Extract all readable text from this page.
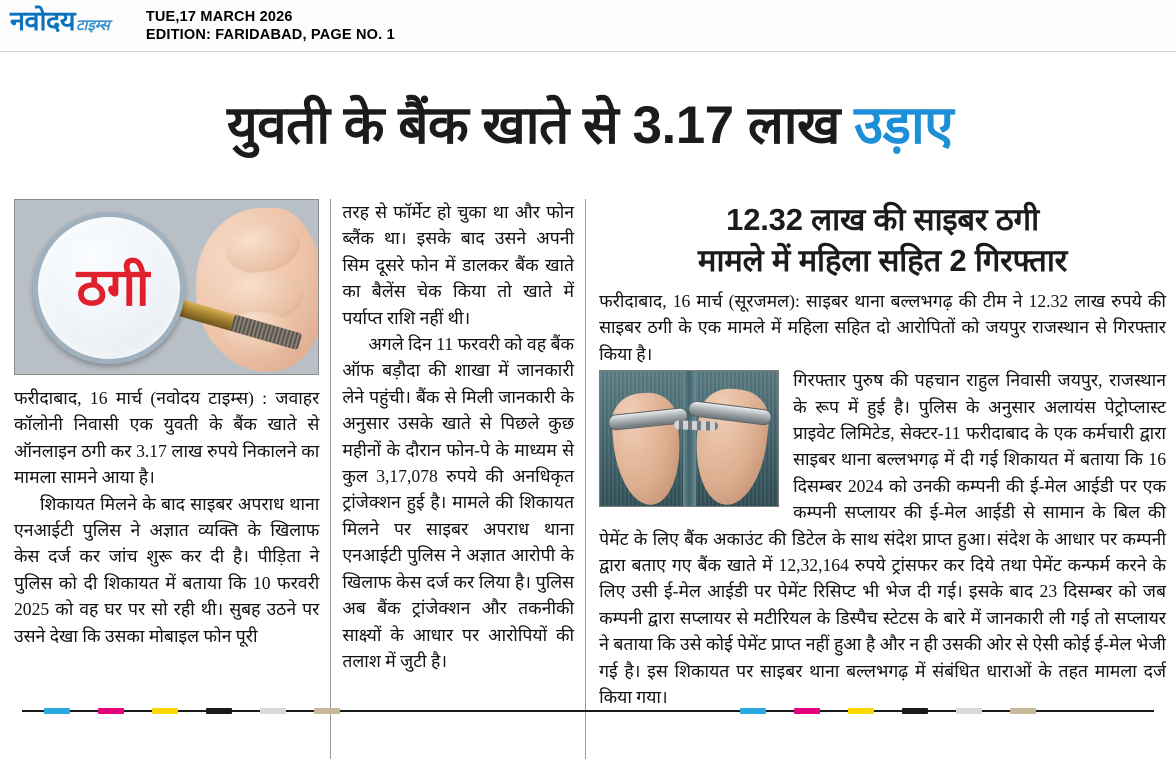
नवोदय टाइम्स TUE,17 MARCH 2026
EDITION: FARIDABAD, PAGE NO. 1
युवती के बैंक खाते से 3.17 लाख उड़ाए
ठगी

फरीदाबाद, 16 मार्च (नवोदय टाइम्स) : जवाहर कॉलोनी निवासी एक युवती के बैंक खाते से ऑनलाइन ठगी कर 3.17 लाख रुपये निकालने का मामला सामने आया है।

शिकायत मिलने के बाद साइबर अपराध थाना एनआईटी पुलिस ने अज्ञात व्यक्ति के खिलाफ केस दर्ज कर जांच शुरू कर दी है। पीड़िता ने पुलिस को दी शिकायत में बताया कि 10 फरवरी 2025 को वह घर पर सो रही थी। सुबह उठने पर उसने देखा कि उसका मोबाइल फोन पूरी

तरह से फॉर्मेट हो चुका था और फोन ब्लैंक था। इसके बाद उसने अपनी सिम दूसरे फोन में डालकर बैंक खाते का बैलेंस चेक किया तो खाते में पर्याप्त राशि नहीं थी।

अगले दिन 11 फरवरी को वह बैंक ऑफ बड़ौदा की शाखा में जानकारी लेने पहुंची। बैंक से मिली जानकारी के अनुसार उसके खाते से पिछले कुछ महीनों के दौरान फोन-पे के माध्यम से कुल 3,17,078 रुपये की अनधिकृत ट्रांजेक्शन हुई है। मामले की शिकायत मिलने पर साइबर अपराध थाना एनआईटी पुलिस ने अज्ञात आरोपी के खिलाफ केस दर्ज कर लिया है। पुलिस अब बैंक ट्रांजेक्शन और तकनीकी साक्ष्यों के आधार पर आरोपियों की तलाश में जुटी है।

12.32 लाख की साइबर ठगी
मामले में महिला सहित 2 गिरफ्तार

फरीदाबाद, 16 मार्च (सूरजमल): साइबर थाना बल्लभगढ़ की टीम ने 12.32 लाख रुपये की साइबर ठगी के एक मामले में महिला सहित दो आरोपितों को जयपुर राजस्थान से गिरफ्तार किया है।

गिरफ्तार पुरुष की पहचान राहुल निवासी जयपुर, राजस्थान के रूप में हुई है। पुलिस के अनुसार अलायंस पेट्रोप्लास्ट प्राइवेट लिमिटेड, सेक्टर-11 फरीदाबाद के एक कर्मचारी द्वारा साइबर थाना बल्लभगढ़ में दी गई शिकायत में बताया कि 16 दिसम्बर 2024 को उनकी कम्पनी की ई-मेल आईडी पर एक कम्पनी सप्लायर की ई-मेल आईडी से सामान के बिल की पेमेंट के लिए बैंक अकाउंट की डिटेल के साथ संदेश प्राप्त हुआ। संदेश के आधार पर कम्पनी द्वारा बताए गए बैंक खाते में 12,32,164 रुपये ट्रांसफर कर दिये तथा पेमेंट कन्फर्म करने के लिए उसी ई-मेल आईडी पर पेमेंट रिसिप्ट भी भेज दी गई। इसके बाद 23 दिसम्बर को जब कम्पनी द्वारा सप्लायर से मटीरियल के डिस्पैच स्टेटस के बारे में जानकारी ली गई तो सप्लायर ने बताया कि उसे कोई पेमेंट प्राप्त नहीं हुआ है और न ही उसकी ओर से ऐसी कोई ई-मेल भेजी गई है। इस शिकायत पर साइबर थाना बल्लभगढ़ में संबंधित धाराओं के तहत मामला दर्ज किया गया।
